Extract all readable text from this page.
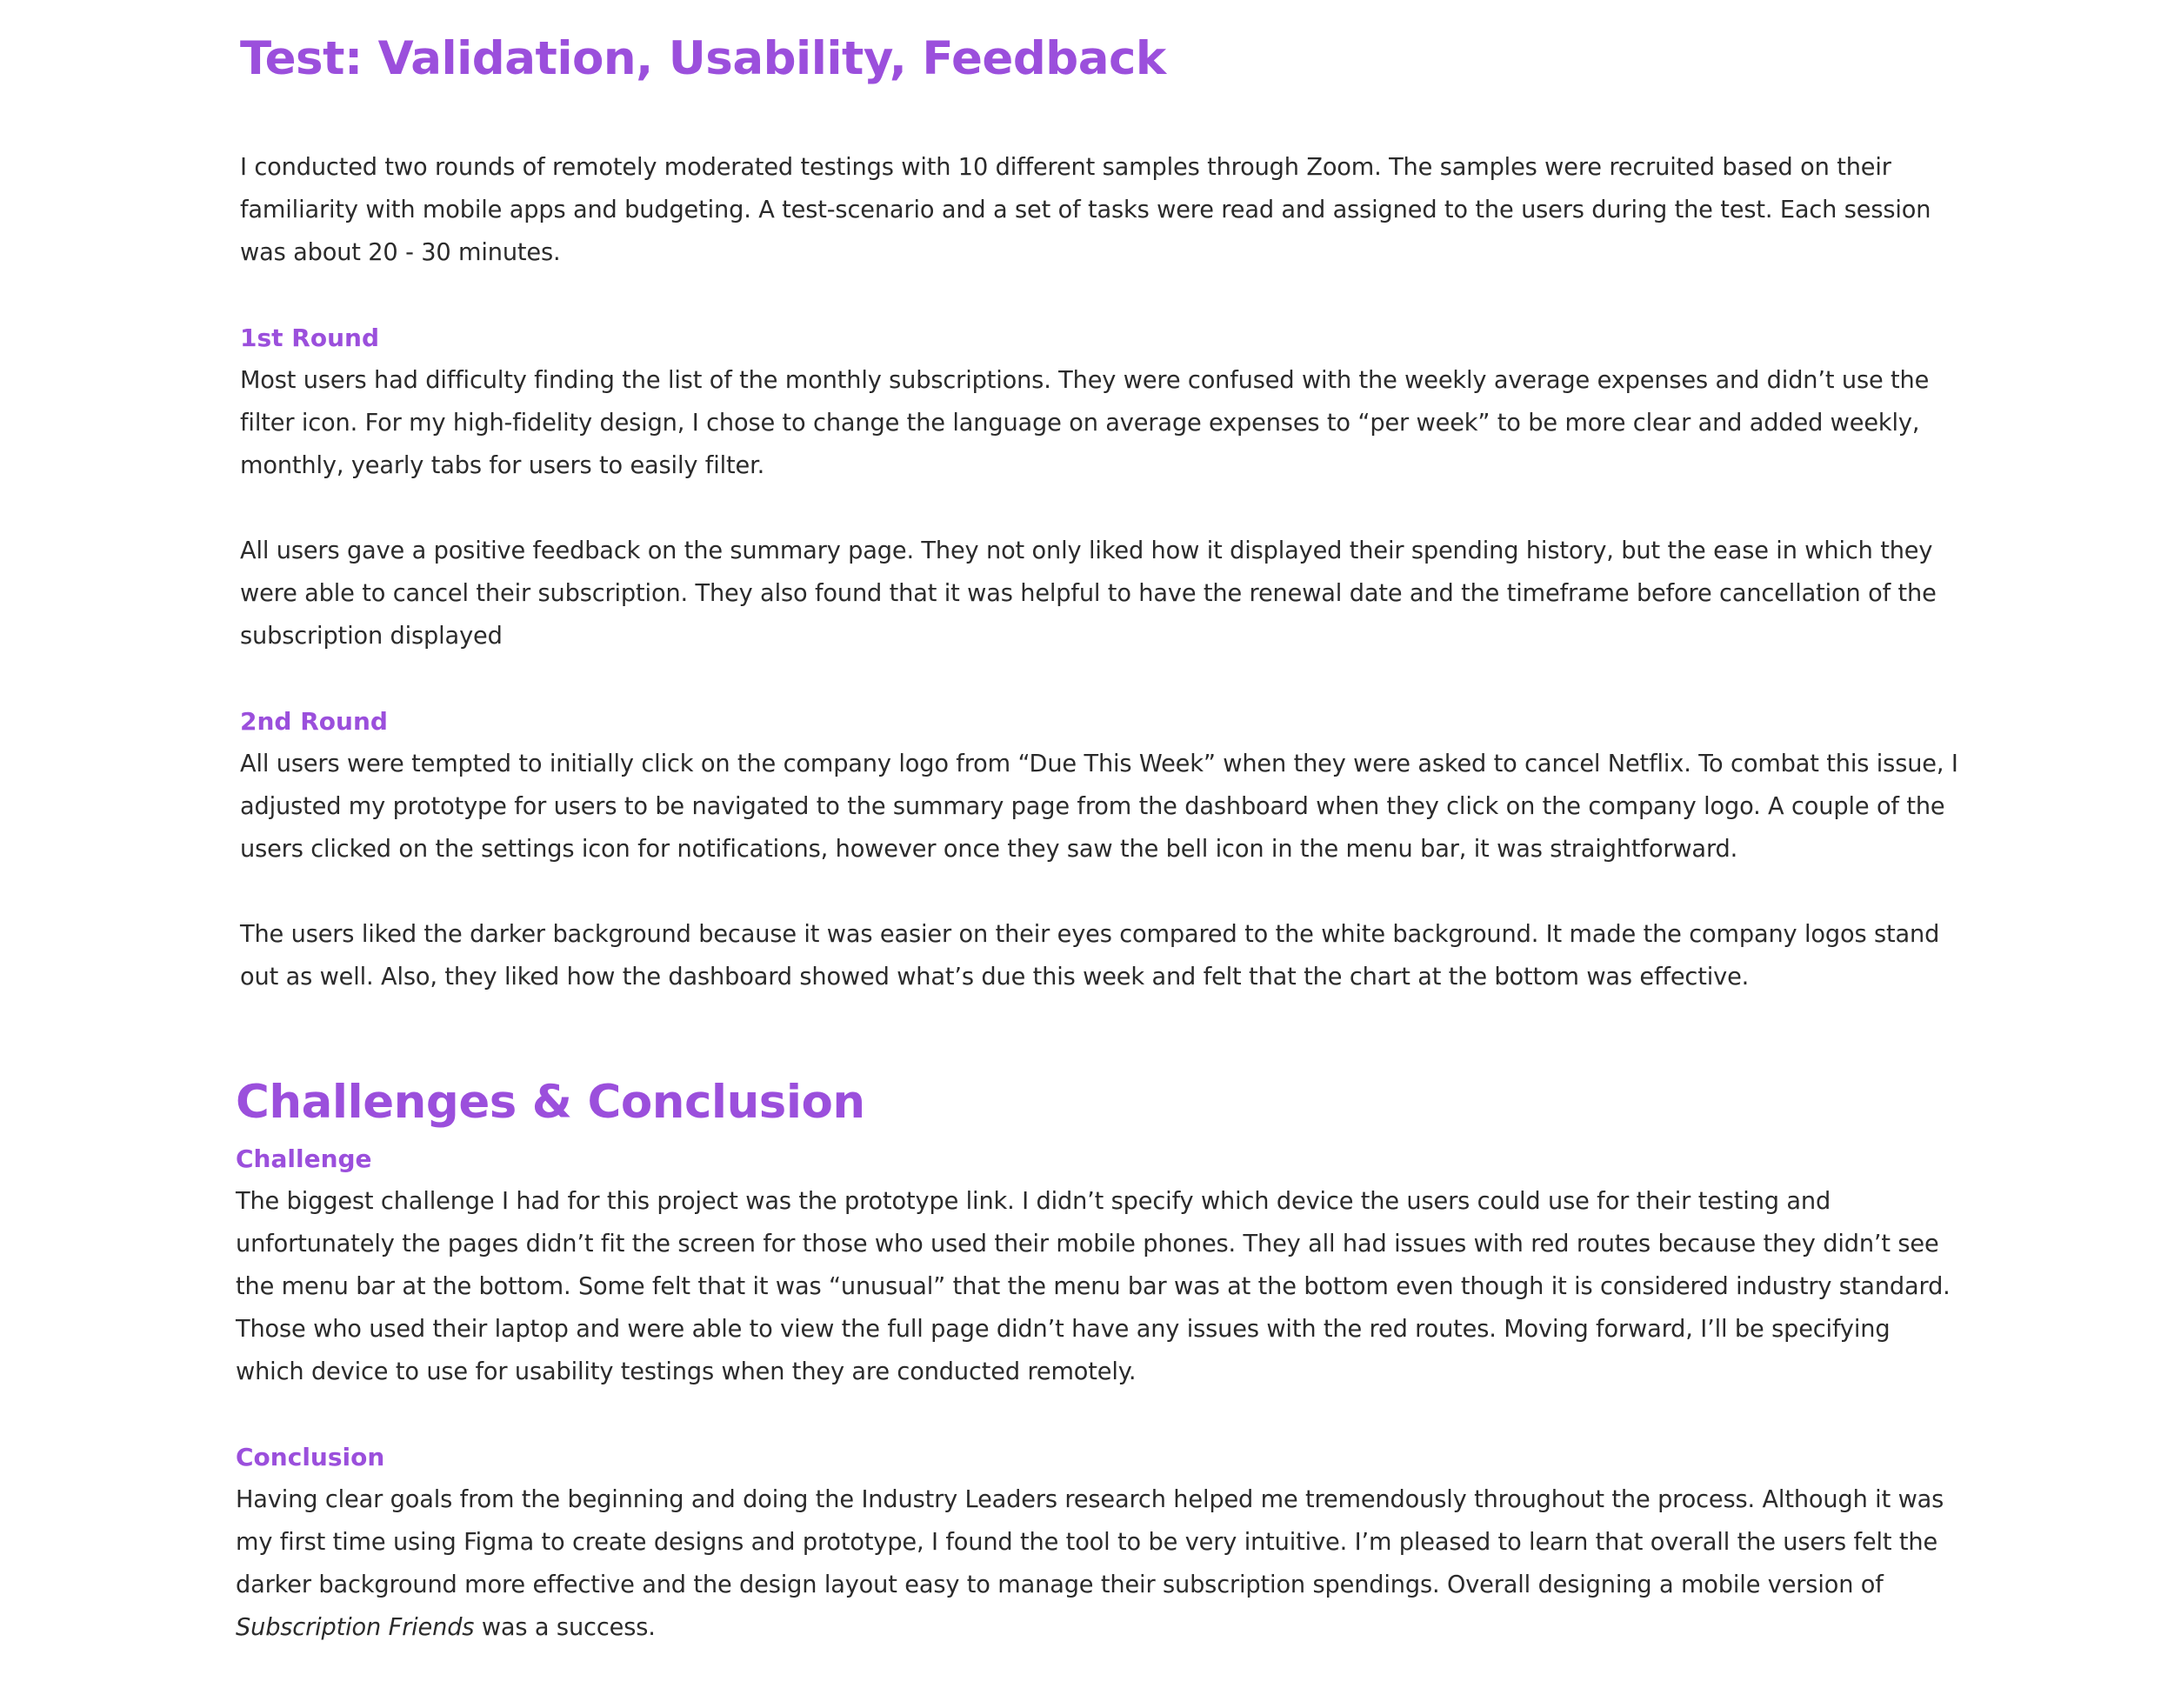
Test: Validation, Usability, Feedback

I conducted two rounds of remotely moderated testings with 10 different samples through Zoom. The samples were recruited based on their familiarity with mobile apps and budgeting. A test-scenario and a set of tasks were read and assigned to the users during the test. Each session was about 20 - 30 minutes.

1st Round

Most users had difficulty finding the list of the monthly subscriptions. They were confused with the weekly average expenses and didn’t use the filter icon. For my high-fidelity design, I chose to change the language on average expenses to “per week” to be more clear and added weekly, monthly, yearly tabs for users to easily filter.

All users gave a positive feedback on the summary page. They not only liked how it displayed their spending history, but the ease in which they were able to cancel their subscription. They also found that it was helpful to have the renewal date and the timeframe before cancellation of the subscription displayed

2nd Round

All users were tempted to initially click on the company logo from “Due This Week” when they were asked to cancel Netflix. To combat this issue, I adjusted my prototype for users to be navigated to the summary page from the dashboard when they click on the company logo. A couple of the users clicked on the settings icon for notifications, however once they saw the bell icon in the menu bar, it was straightforward.

The users liked the darker background because it was easier on their eyes compared to the white background. It made the company logos stand out as well. Also, they liked how the dashboard showed what’s due this week and felt that the chart at the bottom was effective.

Challenges & Conclusion
Challenge

The biggest challenge I had for this project was the prototype link. I didn’t specify which device the users could use for their testing and unfortunately the pages didn’t fit the screen for those who used their mobile phones. They all had issues with red routes because they didn’t see the menu bar at the bottom. Some felt that it was “unusual” that the menu bar was at the bottom even though it is considered industry standard. Those who used their laptop and were able to view the full page didn’t have any issues with the red routes. Moving forward, I’ll be specifying which device to use for usability testings when they are conducted remotely.

Conclusion

Having clear goals from the beginning and doing the Industry Leaders research helped me tremendously throughout the process. Although it was my first time using Figma to create designs and prototype, I found the tool to be very intuitive. I’m pleased to learn that overall the users felt the darker background more effective and the design layout easy to manage their subscription spendings. Overall designing a mobile version of Subscription Friends was a success.
